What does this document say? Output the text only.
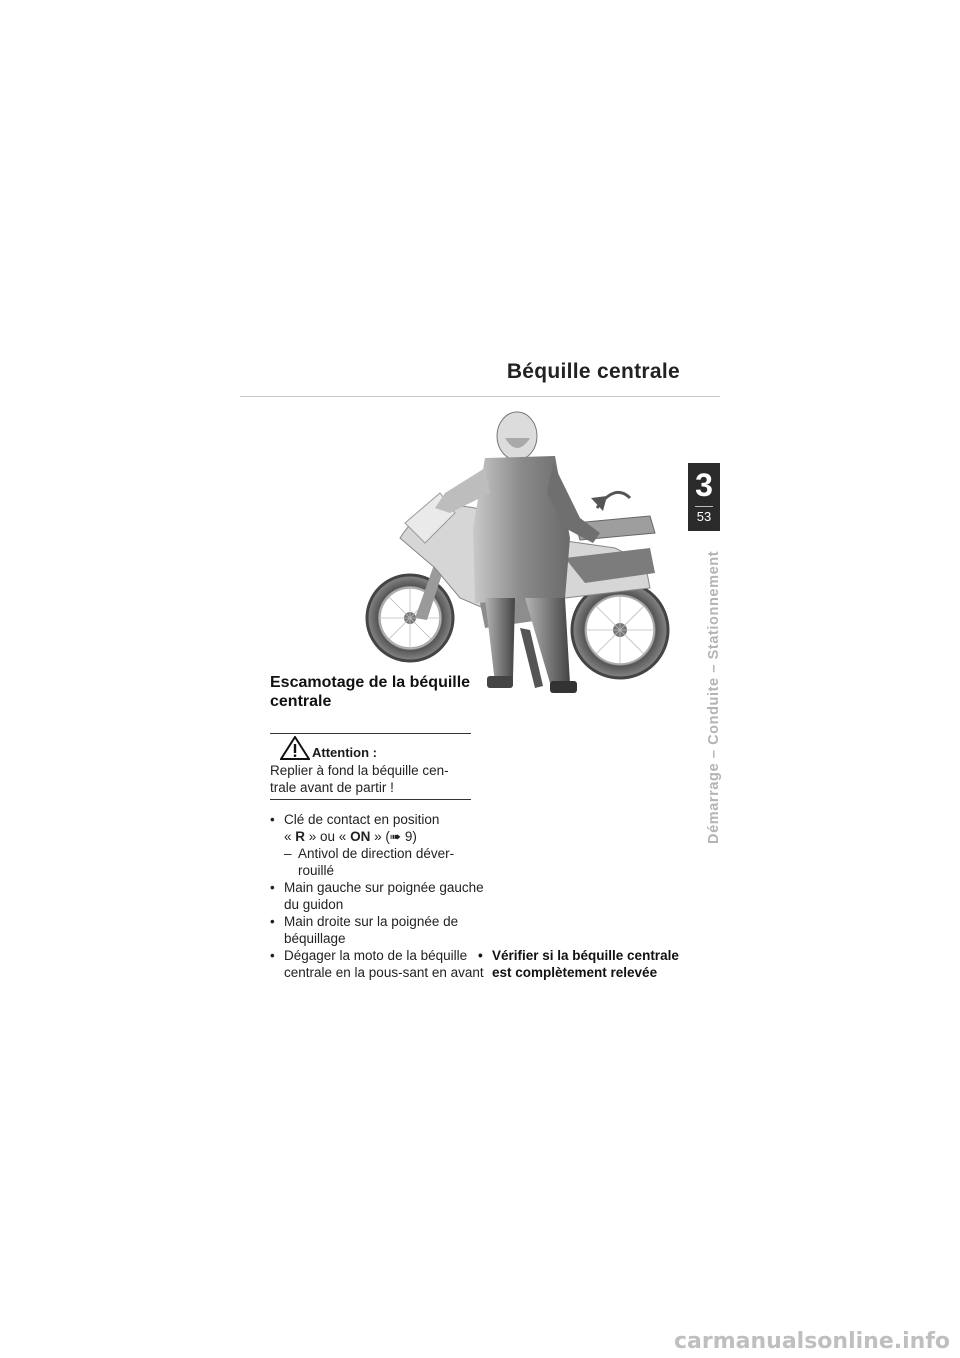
Béquille centrale
3
53
Démarrage – Conduite – Stationnement
Escamotage de la béquille centrale
Attention :
Replier à fond la béquille cen-trale avant de partir !
• Clé de contact en position
« R » ou « ON » (➠ 9)
– Antivol de direction déver-rouillé
• Main gauche sur poignée gauche du guidon
• Main droite sur la poignée de béquillage
• Dégager la moto de la béquille centrale en la pous-sant en avant
• Vérifier si la béquille centrale est complètement relevée
carmanualsonline.info
